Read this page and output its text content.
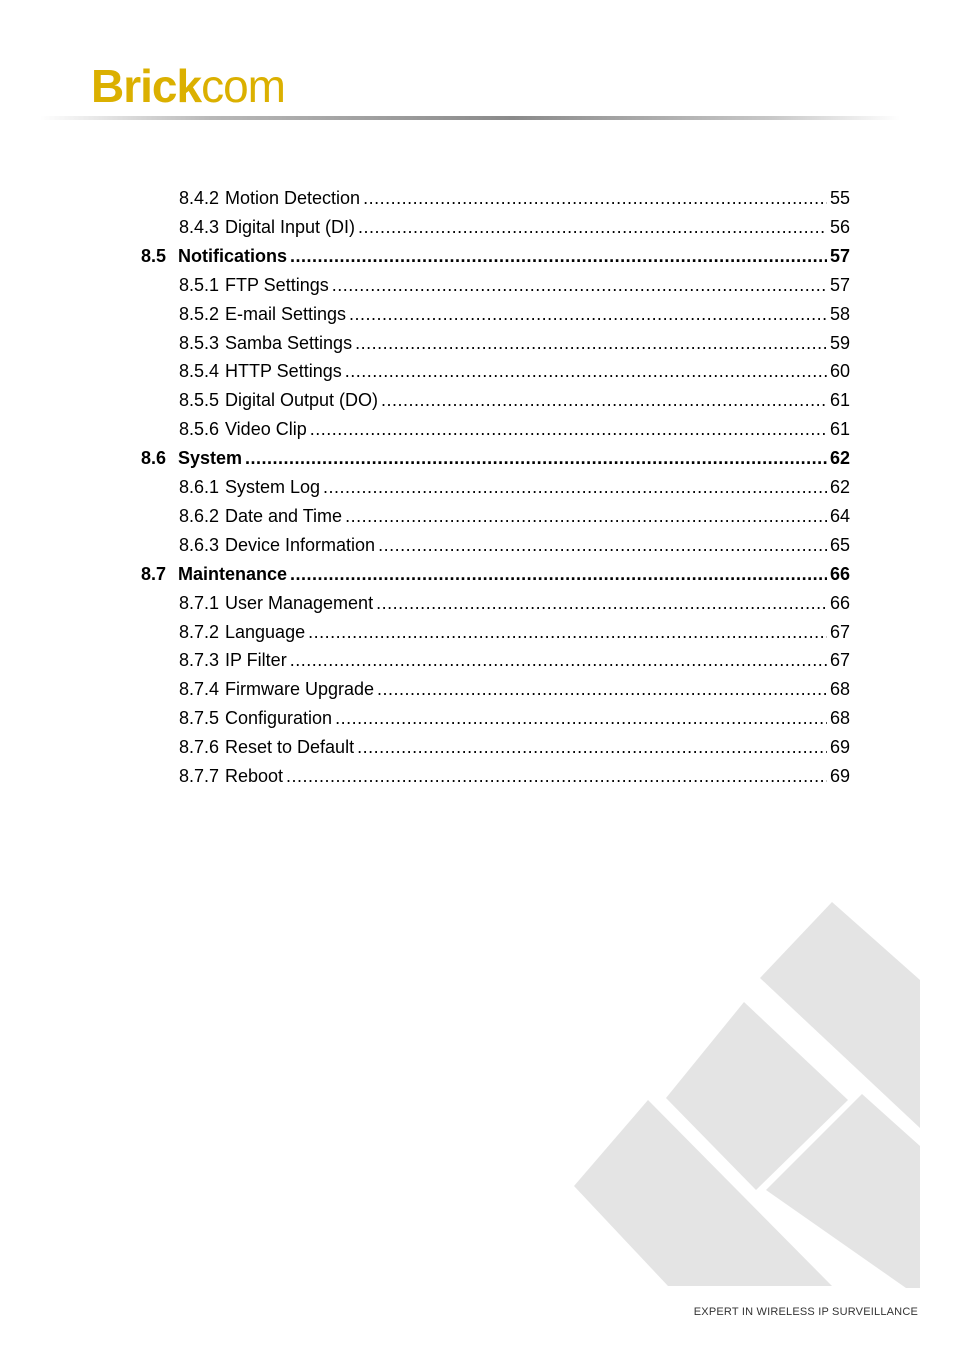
Brickcom
8.4.2 Motion Detection .....	55
8.4.3 Digital Input (DI) .....	56
8.5 Notifications .....	57
8.5.1 FTP Settings .....	57
8.5.2 E-mail Settings .....	58
8.5.3 Samba Settings .....	59
8.5.4 HTTP Settings .....	60
8.5.5 Digital Output (DO) .....	61
8.5.6 Video Clip .....	61
8.6 System .....	62
8.6.1 System Log .....	62
8.6.2 Date and Time .....	64
8.6.3 Device Information .....	65
8.7 Maintenance .....	66
8.7.1 User Management .....	66
8.7.2 Language .....	67
8.7.3 IP Filter .....	67
8.7.4 Firmware Upgrade .....	68
8.7.5 Configuration .....	68
8.7.6 Reset to Default .....	69
8.7.7 Reboot .....	69
EXPERT IN WIRELESS IP SURVEILLANCE
